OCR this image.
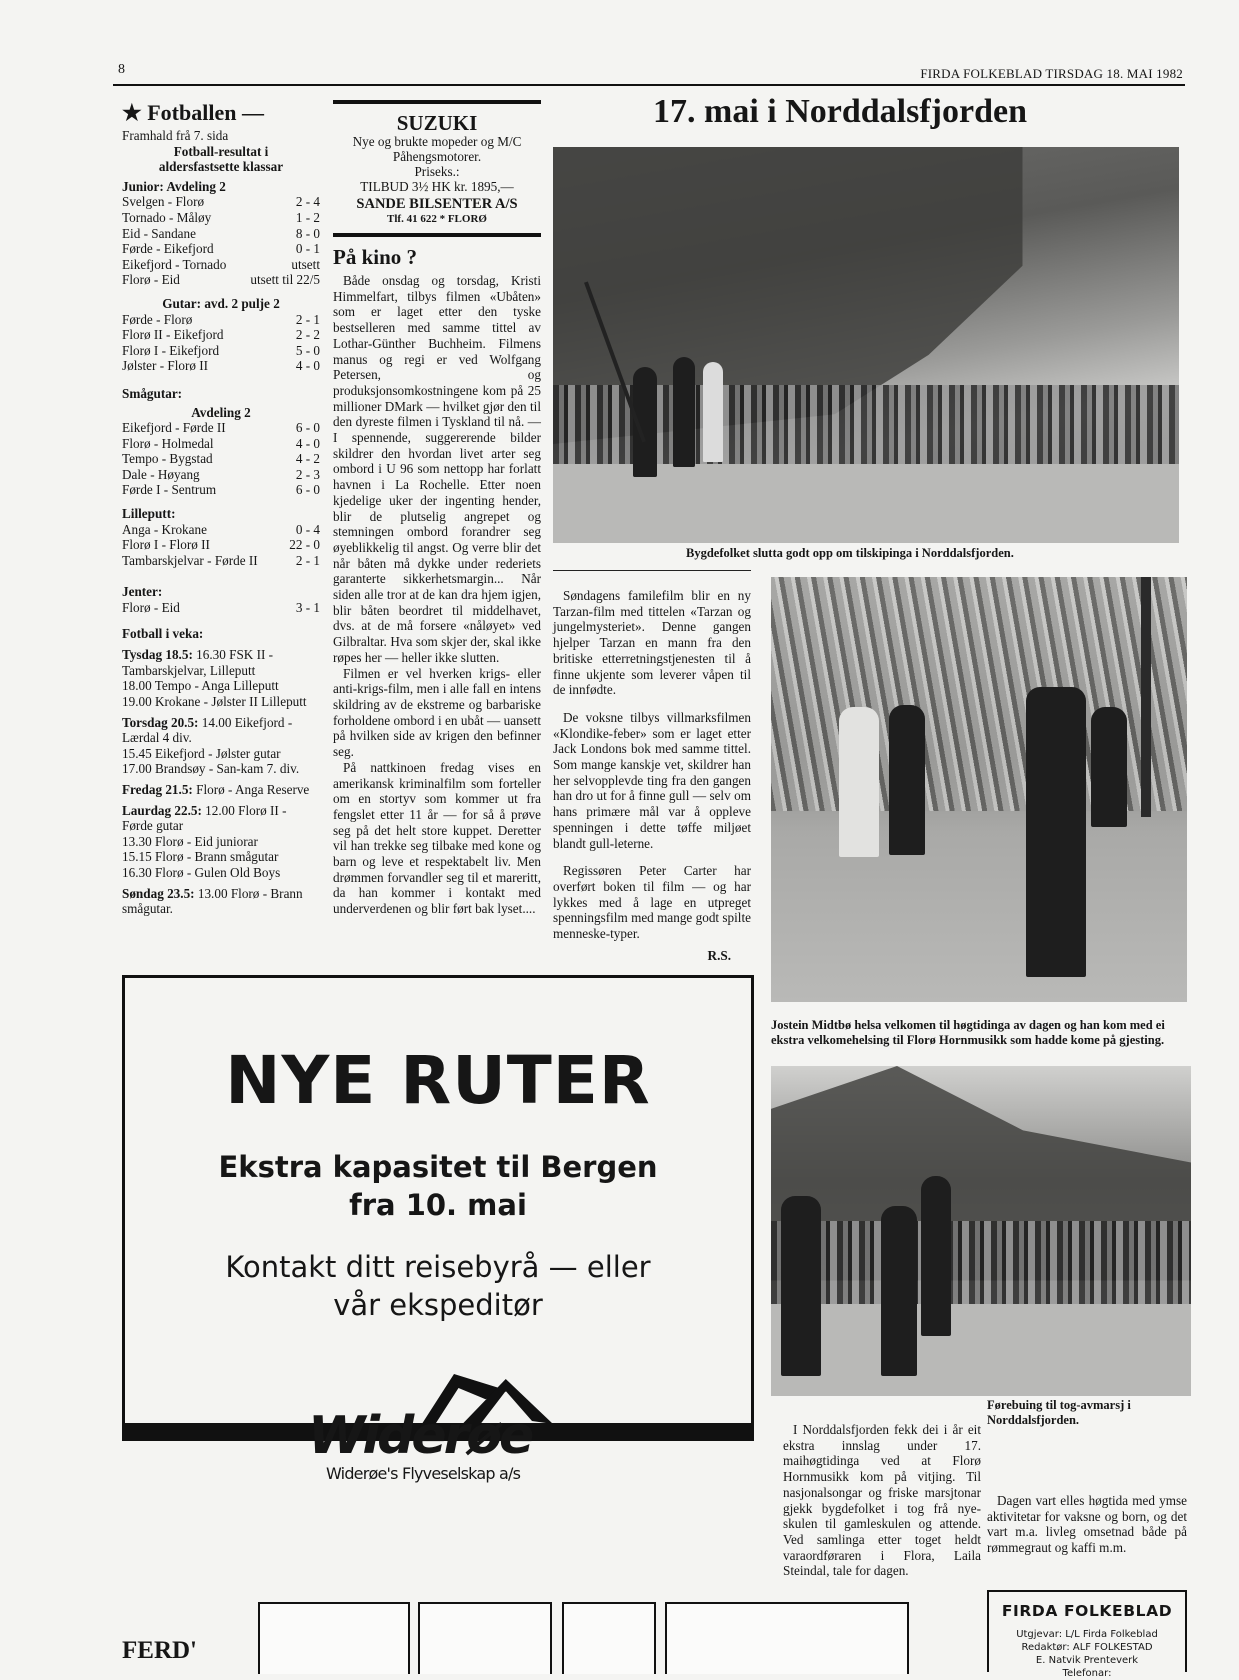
8	FIRDA FOLKEBLAD TIRSDAG 18. MAI 1982
★ Fotballen —
Framhald frå 7. sida
Fotball-resultat i
aldersfastsette klassar
Junior: Avdeling 2
Svelgen - Florø	2 - 4
Tornado - Måløy	1 - 2
Eid - Sandane	8 - 0
Førde - Eikefjord	0 - 1
Eikefjord - Tornado	utsett
Florø - Eid	utsett til 22/5
Gutar: avd. 2 pulje 2
Førde - Florø	2 - 1
Florø II - Eikefjord	2 - 2
Florø I - Eikefjord	5 - 0
Jølster - Florø II	4 - 0
Smågutar:
Avdeling 2
Eikefjord - Førde II	6 - 0
Florø - Holmedal	4 - 0
Tempo - Bygstad	4 - 2
Dale - Høyang	2 - 3
Førde I - Sentrum	6 - 0
Lilleputt:
Anga - Krokane	0 - 4
Florø I - Florø II	22 - 0
Tambarskjelvar - Førde II	2 - 1
Jenter:
Florø - Eid	3 - 1
Fotball i veka:

Tysdag 18.5: 16.30 FSK II - Tambarskjelvar, Lilleputt
18.00 Tempo - Anga Lilleputt
19.00 Krokane - Jølster II Lilleputt

Torsdag 20.5: 14.00 Eikefjord - Lærdal 4 div.
15.45 Eikefjord - Jølster gutar
17.00 Brandsøy - San-kam 7. div.

Fredag 21.5: Florø - Anga Reserve

Laurdag 22.5: 12.00 Florø II - Førde gutar
13.30 Florø - Eid juniorar
15.15 Florø - Brann smågutar
16.30 Florø - Gulen Old Boys

Søndag 23.5: 13.00 Florø - Brann smågutar.

SUZUKI
Nye og brukte mopeder og M/C
Påhengsmotorer.
Priseks.:
TILBUD 3½ HK kr. 1895,—
SANDE BILSENTER A/S
Tlf. 41 622 * FLORØ
På kino ?

Både onsdag og torsdag, Kristi Himmelfart, tilbys filmen «Ubåten» som er laget etter den tyske bestselleren med samme tittel av Lothar-Günther Buchheim. Filmens manus og regi er ved Wolfgang Petersen, og produksjonsomkostningene kom på 25 millioner DMark — hvilket gjør den til den dyreste filmen i Tyskland til nå. — I spennende, suggererende bilder skildrer den hvordan livet arter seg ombord i U 96 som nettopp har forlatt havnen i La Rochelle. Etter noen kjedelige uker der ingenting hender, blir de plutselig angrepet og stemningen ombord forandrer seg øyeblikkelig til angst. Og verre blir det når båten må dykke under rederiets garanterte sikkerhetsmargin... Når siden alle tror at de kan dra hjem igjen, blir båten beordret til middelhavet, dvs. at de må forsere «nåløyet» ved Gilbraltar. Hva som skjer der, skal ikke røpes her — heller ikke slutten.

Filmen er vel hverken krigs- eller anti-krigs-film, men i alle fall en intens skildring av de ekstreme og barbariske forholdene ombord i en ubåt — uansett på hvilken side av krigen den befinner seg.

På nattkinoen fredag vises en amerikansk kriminalfilm som forteller om en stortyv som kommer ut fra fengslet etter 11 år — for så å prøve seg på det helt store kuppet. Deretter vil han trekke seg tilbake med kone og barn og leve et respektabelt liv. Men drømmen forvandler seg til et mareritt, da han kommer i kontakt med underverdenen og blir ført bak lyset....

17. mai i Norddalsfjorden
Bygdefolket slutta godt opp om tilskipinga i Norddalsfjorden.

Søndagens familefilm blir en ny Tarzan-film med tittelen «Tarzan og jungelmysteriet». Denne gangen hjelper Tarzan en mann fra den britiske etterretningstjenesten til å finne ukjente som leverer våpen til de innfødte.

De voksne tilbys villmarksfilmen «Klondike-feber» som er laget etter Jack Londons bok med samme tittel. Som mange kanskje vet, skildrer han her selvopplevde ting fra den gangen han dro ut for å finne gull — selv om hans primære mål var å oppleve spenningen i dette tøffe miljøet blandt gull-leterne.

Regissøren Peter Carter har overført boken til film — og har lykkes med å lage en utpreget spenningsfilm med mange godt spilte menneske-typer.

R.S.
Jostein Midtbø helsa velkomen til høgtidinga av dagen og han kom med ei ekstra velkomehelsing til Florø Hornmusikk som hadde kome på gjesting.
Førebuing til tog-avmarsj i Norddalsfjorden.

I Norddalsfjorden fekk dei i år eit ekstra innslag under 17. maihøgtidinga ved at Florø Hornmusikk kom på vitjing. Til nasjonalsongar og friske marsjtonar gjekk bygdefolket i tog frå nye-skulen til gamleskulen og attende. Ved samlinga etter toget heldt varaordføraren i Flora, Laila Steindal, tale for dagen.

Dagen vart elles høgtida med ymse aktivitetar for vaksne og born, og det vart m.a. livleg omsetnad både på rømmegraut og kaffi m.m.

NYE RUTER
Ekstra kapasitet til Bergen
fra 10. mai
Kontakt ditt reisebyrå — eller
vår ekspeditør
Widerøe
Widerøe's Flyveselskap a/s
FERD'
FIRDA FOLKEBLAD
Utgjevar: L/L Firda Folkeblad
Redaktør: ALF FOLKESTAD
E. Natvik Prenteverk
Telefonar:
